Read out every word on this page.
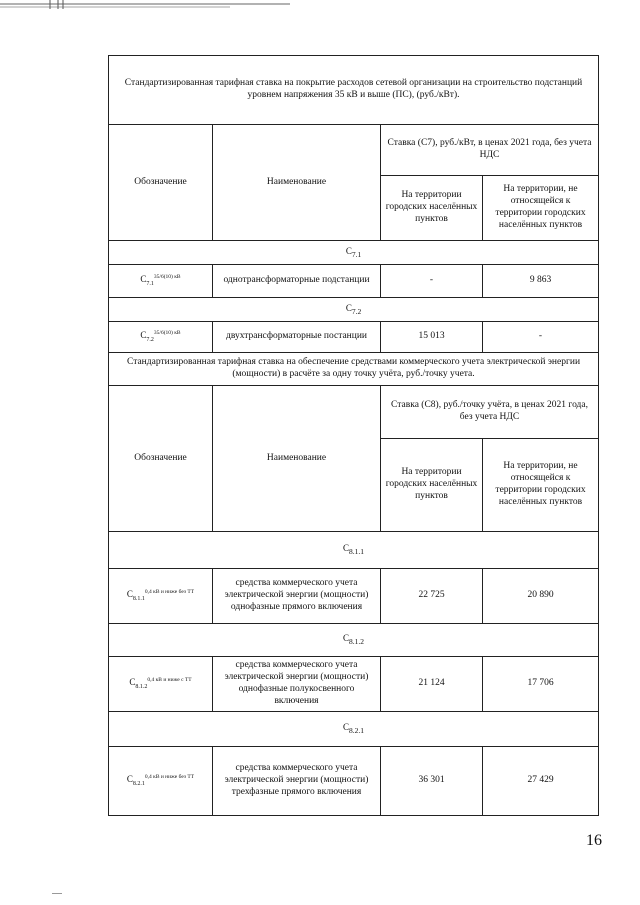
Стандартизированная тарифная ставка на покрытие расходов сетевой организации на строительство подстанций уровнем напряжения 35 кВ и выше (ПС), (руб./кВт).			
Обозначение	Наименование	Ставка (С7), руб./кВт, в ценах 2021 года, без учета НДС	
		На территории городских населённых пунктов	На территории, не относящейся к территории городских населённых пунктов
$С_{7.1}$
$С_{7.1}^{35/6(10) кВ}$	однотрансформаторные подстанции	-	9 863
$С_{7.2}$
$С_{7.2}^{35/6(10) кВ}$	двухтрансформаторные постанции	15 013	-
Стандартизированная тарифная ставка на обеспечение средствами коммерческого учета электрической энергии (мощности) в расчёте за одну точку учёта, руб./точку учета.			
Обозначение	Наименование	Ставка (С8), руб./точку учёта, в ценах 2021 года, без учета НДС	
		На территории городских населённых пунктов	На территории, не относящейся к территории городских населённых пунктов
$С_{8.1.1}$
$С_{8.1.1}^{0,4 кВ и ниже без ТТ}$	средства коммерческого учета электрической энергии (мощности) однофазные прямого включения	22 725	20 890
$С_{8.1.2}$
$С_{8.1.2}^{0,4 кВ и ниже с ТТ}$	средства коммерческого учета электрической энергии (мощности) однофазные полукосвенного включения	21 124	17 706
$С_{8.2.1}$
$С_{8.2.1}^{0,4 кВ и ниже без ТТ}$	средства коммерческого учета электрической энергии (мощности) трехфазные прямого включения	36 301	27 429
16
